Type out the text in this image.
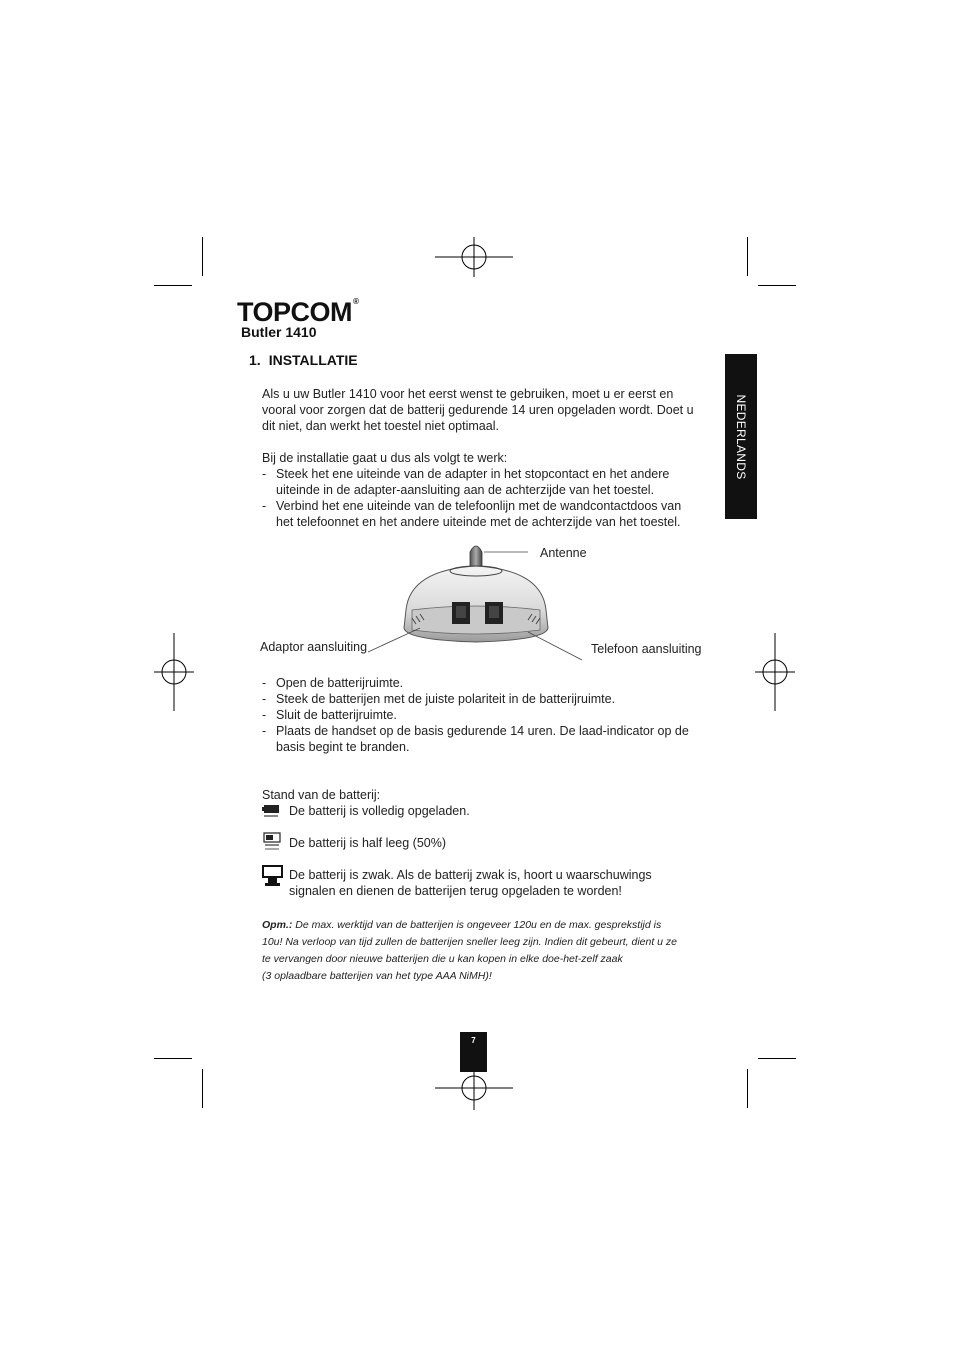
TOPCOM®
Butler 1410
1. INSTALLATIE
NEDERLANDS
Als u uw Butler 1410 voor het eerst wenst te gebruiken, moet u er eerst en
vooral voor zorgen dat de batterij gedurende 14 uren opgeladen wordt. Doet u
dit niet, dan werkt het toestel niet optimaal.
Bij de installatie gaat u dus als volgt te werk:
- Steek het ene uiteinde van de adapter in het stopcontact en het andere
uiteinde in de adapter-aansluiting aan de achterzijde van het toestel.
- Verbind het ene uiteinde van de telefoonlijn met de wandcontactdoos van
het telefoonnet en het andere uiteinde met de achterzijde van het toestel.
Antenne
Adaptor aansluiting	Telefoon aansluiting
- Open de batterijruimte.
- Steek de batterijen met de juiste polariteit in de batterijruimte.
- Sluit de batterijruimte.
- Plaats de handset op de basis gedurende 14 uren. De laad-indicator op de
basis begint te branden.
Stand van de batterij:
De batterij is volledig opgeladen.
De batterij is half leeg (50%)
De batterij is zwak. Als de batterij zwak is, hoort u waarschuwings
signalen en dienen de batterijen terug opgeladen te worden!
Opm.: De max. werktijd van de batterijen is ongeveer 120u en de max. gesprekstijd is
10u! Na verloop van tijd zullen de batterijen sneller leeg zijn. Indien dit gebeurt, dient u ze
te vervangen door nieuwe batterijen die u kan kopen in elke doe-het-zelf zaak
(3 oplaadbare batterijen van het type AAA NiMH)!
7
